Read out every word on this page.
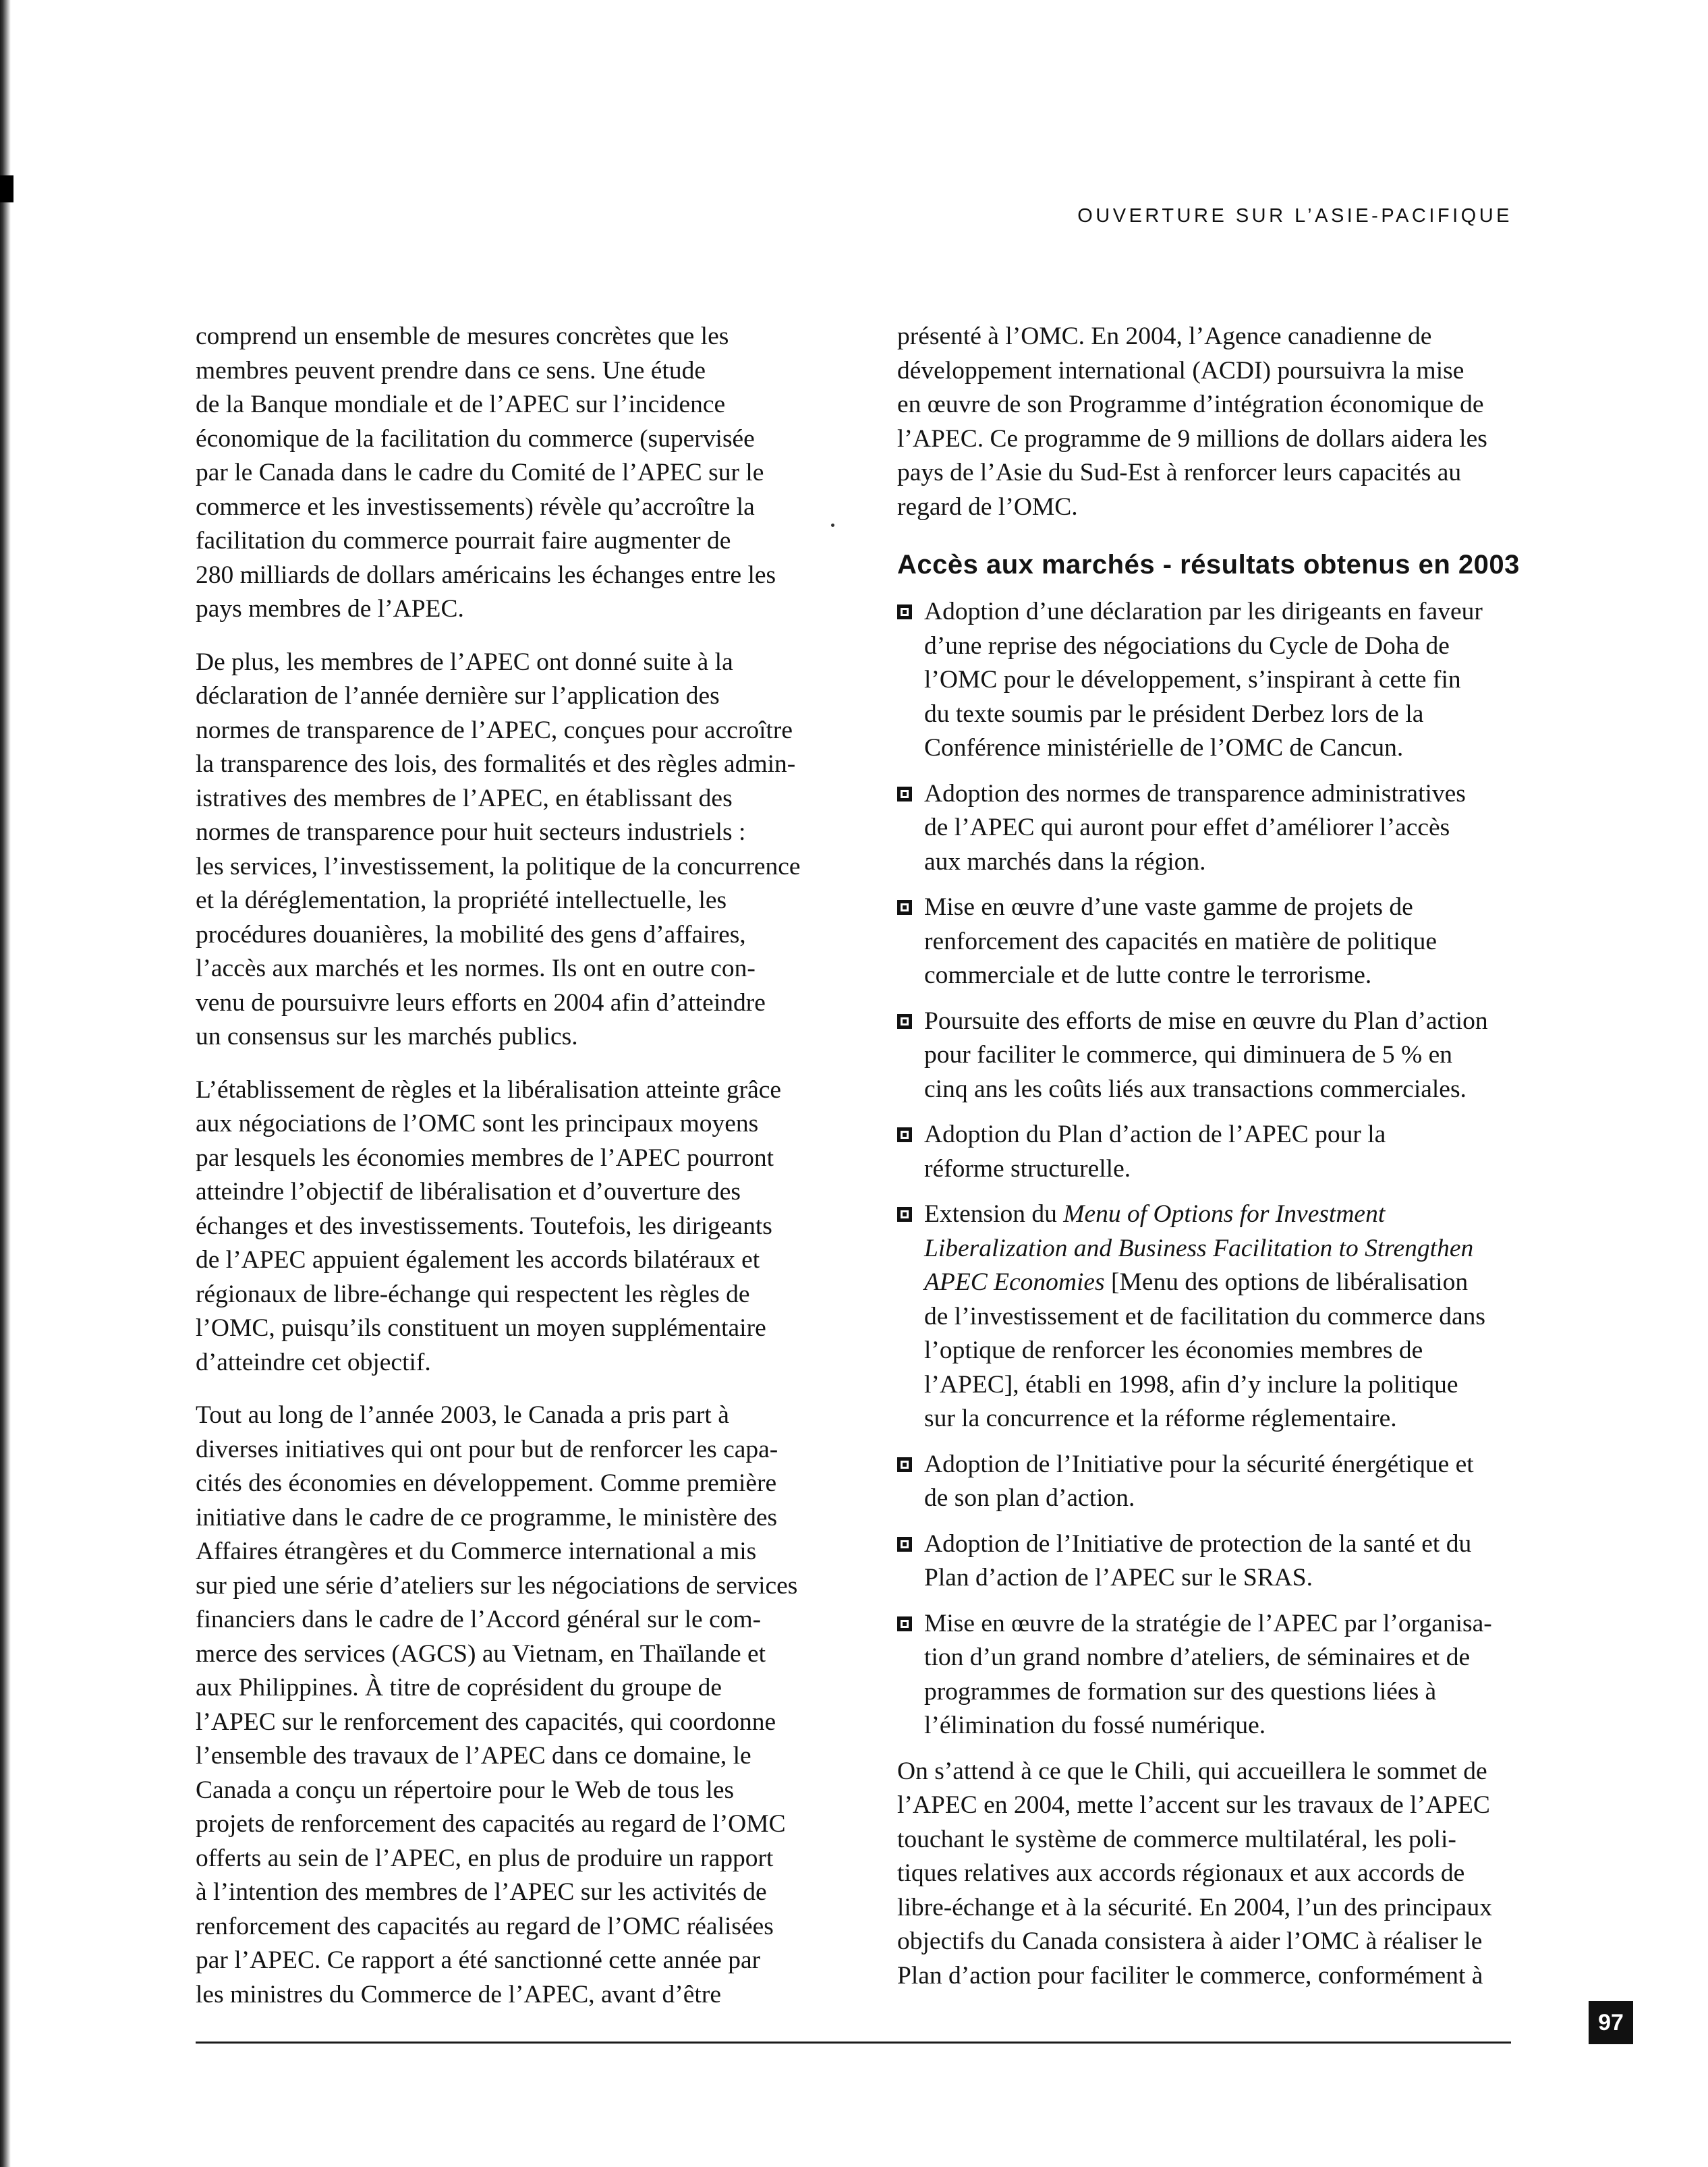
OUVERTURE SUR L’ASIE-PACIFIQUE
comprend un ensemble de mesures concrètes que les
membres peuvent prendre dans ce sens. Une étude
de la Banque mondiale et de l’APEC sur l’incidence
économique de la facilitation du commerce (supervisée
par le Canada dans le cadre du Comité de l’APEC sur le
commerce et les investissements) révèle qu’accroître la
facilitation du commerce pourrait faire augmenter de
280 milliards de dollars américains les échanges entre les
pays membres de l’APEC.
De plus, les membres de l’APEC ont donné suite à la
déclaration de l’année dernière sur l’application des
normes de transparence de l’APEC, conçues pour accroître
la transparence des lois, des formalités et des règles admin-
istratives des membres de l’APEC, en établissant des
normes de transparence pour huit secteurs industriels :
les services, l’investissement, la politique de la concurrence
et la déréglementation, la propriété intellectuelle, les
procédures douanières, la mobilité des gens d’affaires,
l’accès aux marchés et les normes. Ils ont en outre con-
venu de poursuivre leurs efforts en 2004 afin d’atteindre
un consensus sur les marchés publics.
L’établissement de règles et la libéralisation atteinte grâce
aux négociations de l’OMC sont les principaux moyens
par lesquels les économies membres de l’APEC pourront
atteindre l’objectif de libéralisation et d’ouverture des
échanges et des investissements. Toutefois, les dirigeants
de l’APEC appuient également les accords bilatéraux et
régionaux de libre-échange qui respectent les règles de
l’OMC, puisqu’ils constituent un moyen supplémentaire
d’atteindre cet objectif.
Tout au long de l’année 2003, le Canada a pris part à
diverses initiatives qui ont pour but de renforcer les capa-
cités des économies en développement. Comme première
initiative dans le cadre de ce programme, le ministère des
Affaires étrangères et du Commerce international a mis
sur pied une série d’ateliers sur les négociations de services
financiers dans le cadre de l’Accord général sur le com-
merce des services (AGCS) au Vietnam, en Thaïlande et
aux Philippines. À titre de coprésident du groupe de
l’APEC sur le renforcement des capacités, qui coordonne
l’ensemble des travaux de l’APEC dans ce domaine, le
Canada a conçu un répertoire pour le Web de tous les
projets de renforcement des capacités au regard de l’OMC
offerts au sein de l’APEC, en plus de produire un rapport
à l’intention des membres de l’APEC sur les activités de
renforcement des capacités au regard de l’OMC réalisées
par l’APEC. Ce rapport a été sanctionné cette année par
les ministres du Commerce de l’APEC, avant d’être
présenté à l’OMC. En 2004, l’Agence canadienne de
développement international (ACDI) poursuivra la mise
en œuvre de son Programme d’intégration économique de
l’APEC. Ce programme de 9 millions de dollars aidera les
pays de l’Asie du Sud-Est à renforcer leurs capacités au
regard de l’OMC.
Accès aux marchés - résultats obtenus en 2003
Adoption d’une déclaration par les dirigeants en faveur
d’une reprise des négociations du Cycle de Doha de
l’OMC pour le développement, s’inspirant à cette fin
du texte soumis par le président Derbez lors de la
Conférence ministérielle de l’OMC de Cancun.
Adoption des normes de transparence administratives
de l’APEC qui auront pour effet d’améliorer l’accès
aux marchés dans la région.
Mise en œuvre d’une vaste gamme de projets de
renforcement des capacités en matière de politique
commerciale et de lutte contre le terrorisme.
Poursuite des efforts de mise en œuvre du Plan d’action
pour faciliter le commerce, qui diminuera de 5 % en
cinq ans les coûts liés aux transactions commerciales.
Adoption du Plan d’action de l’APEC pour la
réforme structurelle.
Extension du Menu of Options for Investment
Liberalization and Business Facilitation to Strengthen
APEC Economies [Menu des options de libéralisation
de l’investissement et de facilitation du commerce dans
l’optique de renforcer les économies membres de
l’APEC], établi en 1998, afin d’y inclure la politique
sur la concurrence et la réforme réglementaire.
Adoption de l’Initiative pour la sécurité énergétique et
de son plan d’action.
Adoption de l’Initiative de protection de la santé et du
Plan d’action de l’APEC sur le SRAS.
Mise en œuvre de la stratégie de l’APEC par l’organisa-
tion d’un grand nombre d’ateliers, de séminaires et de
programmes de formation sur des questions liées à
l’élimination du fossé numérique.
On s’attend à ce que le Chili, qui accueillera le sommet de
l’APEC en 2004, mette l’accent sur les travaux de l’APEC
touchant le système de commerce multilatéral, les poli-
tiques relatives aux accords régionaux et aux accords de
libre-échange et à la sécurité. En 2004, l’un des principaux
objectifs du Canada consistera à aider l’OMC à réaliser le
Plan d’action pour faciliter le commerce, conformément à
97
